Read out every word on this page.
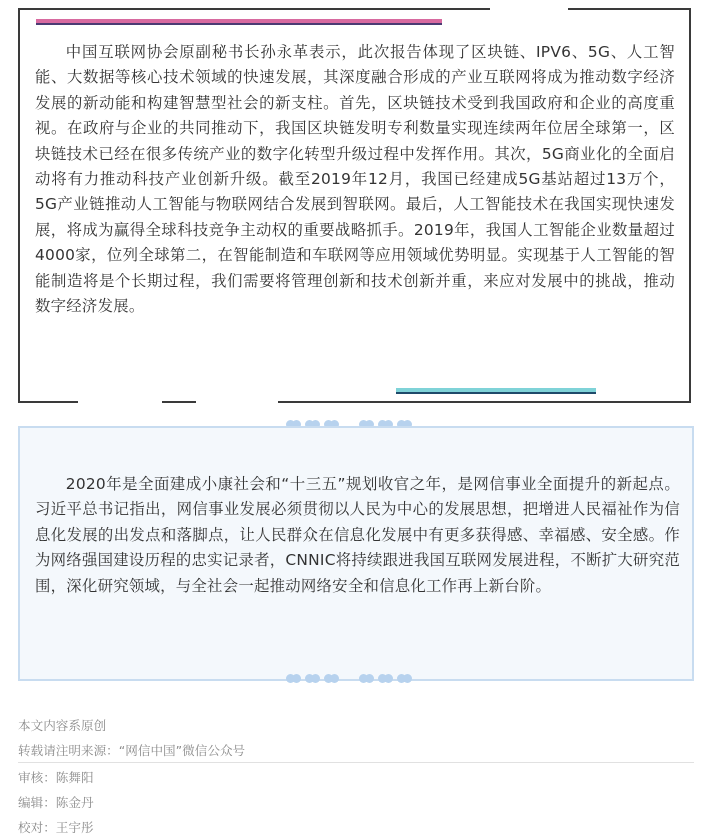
中国互联网协会原副秘书长孙永革表示，此次报告体现了区块链、IPV6、5G、人工智能、大数据等核心技术领域的快速发展，其深度融合形成的产业互联网将成为推动数字经济发展的新动能和构建智慧型社会的新支柱。首先，区块链技术受到我国政府和企业的高度重视。在政府与企业的共同推动下，我国区块链发明专利数量实现连续两年位居全球第一，区块链技术已经在很多传统产业的数字化转型升级过程中发挥作用。其次，5G商业化的全面启动将有力推动科技产业创新升级。截至2019年12月，我国已经建成5G基站超过13万个，5G产业链推动人工智能与物联网结合发展到智联网。最后，人工智能技术在我国实现快速发展，将成为赢得全球科技竞争主动权的重要战略抓手。2019年，我国人工智能企业数量超过4000家，位列全球第二，在智能制造和车联网等应用领域优势明显。实现基于人工智能的智能制造将是个长期过程，我们需要将管理创新和技术创新并重，来应对发展中的挑战，推动数字经济发展。

2020年是全面建成小康社会和“十三五”规划收官之年，是网信事业全面提升的新起点。习近平总书记指出，网信事业发展必须贯彻以人民为中心的发展思想，把增进人民福祉作为信息化发展的出发点和落脚点，让人民群众在信息化发展中有更多获得感、幸福感、安全感。作为网络强国建设历程的忠实记录者，CNNIC将持续跟进我国互联网发展进程，不断扩大研究范围，深化研究领域，与全社会一起推动网络安全和信息化工作再上新台阶。

本文内容系原创
转载请注明来源：“网信中国”微信公众号
审核：陈舞阳
编辑：陈金丹
校对：王宇彤
